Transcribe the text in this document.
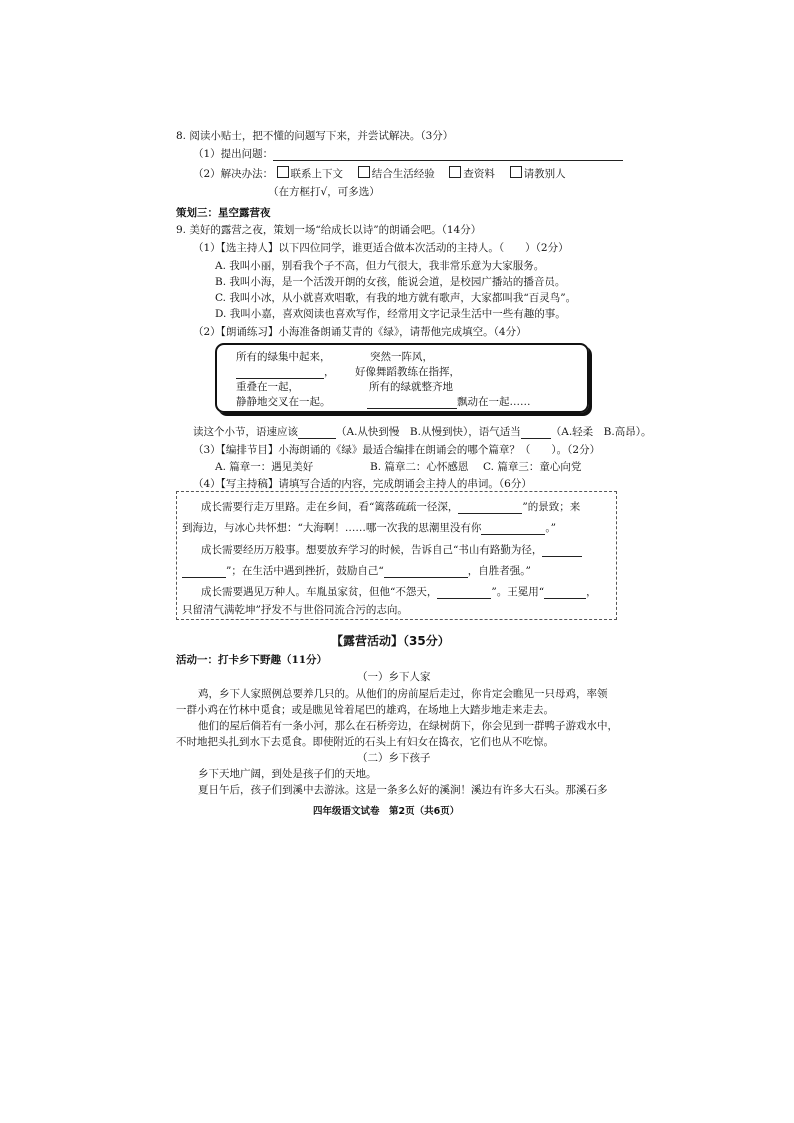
8. 阅读小贴士，把不懂的问题写下来，并尝试解决。（3分）
（1）提出问题：
（2）解决办法： 联系上下文	结合生活经验	查资料	请教别人
（在方框打√，可多选）
策划三：星空露营夜
9. 美好的露营之夜，策划一场“给成长以诗”的朗诵会吧。（14分）
（1）【选主持人】以下四位同学，谁更适合做本次活动的主持人。（　　）（2分）
A. 我叫小丽，别看我个子不高，但力气很大，我非常乐意为大家服务。
B. 我叫小海，是一个活泼开朗的女孩，能说会道，是校园广播站的播音员。
C. 我叫小冰，从小就喜欢唱歌，有我的地方就有歌声，大家都叫我“百灵鸟”。
D. 我叫小嘉，喜欢阅读也喜欢写作，经常用文字记录生活中一些有趣的事。
（2）【朗诵练习】小海准备朗诵艾青的《绿》，请帮他完成填空。（4分）
所有的绿集中起来，	突然一阵风，
， 好像舞蹈教练在指挥，
重叠在一起，	所有的绿就整齐地
静静地交叉在一起。	飘动在一起……
读这个小节，语速应该	（A.从快到慢　B.从慢到快），语气适当	（A.轻柔　B.高昂）。
（3）【编排节目】小海朗诵的《绿》最适合编排在朗诵会的哪个篇章？（　　）。（2分）
A. 篇章一：遇见美好	B. 篇章二：心怀感恩 C. 篇章三：童心向党
（4）【写主持稿】请填写合适的内容，完成朗诵会主持人的串词。（6分）
成长需要行走万里路。走在乡间，看“篱落疏疏一径深，	”的景致；来
到海边，与冰心共怀想：“大海啊！……哪一次我的思潮里没有你	。”
成长需要经历万般事。想要放弃学习的时候，告诉自己“书山有路勤为径，
”；在生活中遇到挫折，鼓励自己“	，自胜者强。”
成长需要遇见万种人。车胤虽家贫，但他“不怨天，	”。王冕用“	，
只留清气满乾坤”抒发不与世俗同流合污的志向。
【露营活动】（35分）
活动一：打卡乡下野趣（11分）
（一）乡下人家
鸡，乡下人家照例总要养几只的。从他们的房前屋后走过，你肯定会瞧见一只母鸡，率领
一群小鸡在竹林中觅食；或是瞧见耸着尾巴的雄鸡，在场地上大踏步地走来走去。
他们的屋后倘若有一条小河，那么在石桥旁边，在绿树荫下，你会见到一群鸭子游戏水中，
不时地把头扎到水下去觅食。即使附近的石头上有妇女在捣衣，它们也从不吃惊。
（二）乡下孩子
乡下天地广阔，到处是孩子们的天地。
夏日午后，孩子们到溪中去游泳。这是一条多么好的溪涧！溪边有许多大石头。那溪石多
四年级语文试卷　第2页（共6页）
